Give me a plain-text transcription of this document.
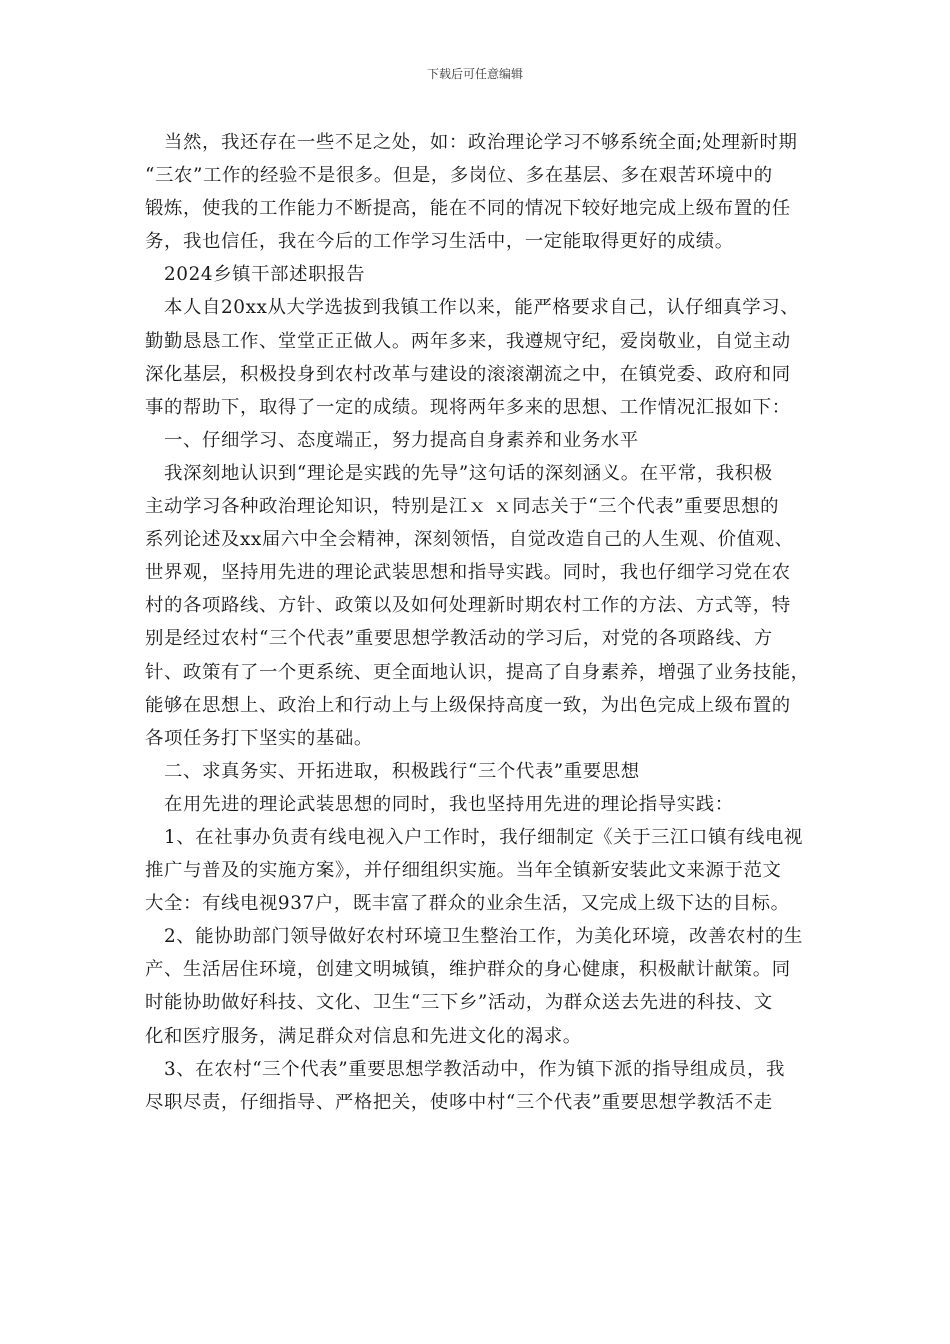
下载后可任意编辑
　当然，我还存在一些不足之处，如：政治理论学习不够系统全面;处理新时期
“三农”工作的经验不是很多。但是，多岗位、多在基层、多在艰苦环境中的
锻炼，使我的工作能力不断提高，能在不同的情况下较好地完成上级布置的任
务，我也信任，我在今后的工作学习生活中，一定能取得更好的成绩。
　2024乡镇干部述职报告
　本人自20xx从大学选拔到我镇工作以来，能严格要求自己，认仔细真学习、
勤勤恳恳工作、堂堂正正做人。两年多来，我遵规守纪，爱岗敬业，自觉主动
深化基层，积极投身到农村改革与建设的滚滚潮流之中，在镇党委、政府和同
事的帮助下，取得了一定的成绩。现将两年多来的思想、工作情况汇报如下：
　一、仔细学习、态度端正，努力提高自身素养和业务水平
　我深刻地认识到“理论是实践的先导”这句话的深刻涵义。在平常，我积极
主动学习各种政治理论知识，特别是江ｘ ｘ同志关于“三个代表”重要思想的
系列论述及xx届六中全会精神，深刻领悟，自觉改造自己的人生观、价值观、
世界观，坚持用先进的理论武装思想和指导实践。同时，我也仔细学习党在农
村的各项路线、方针、政策以及如何处理新时期农村工作的方法、方式等，特
别是经过农村“三个代表”重要思想学教活动的学习后，对党的各项路线、方
针、政策有了一个更系统、更全面地认识，提高了自身素养，增强了业务技能，
能够在思想上、政治上和行动上与上级保持高度一致，为出色完成上级布置的
各项任务打下坚实的基础。
　二、求真务实、开拓进取，积极践行“三个代表”重要思想
　在用先进的理论武装思想的同时，我也坚持用先进的理论指导实践：
　1、在社事办负责有线电视入户工作时，我仔细制定《关于三江口镇有线电视
推广与普及的实施方案》，并仔细组织实施。当年全镇新安装此文来源于范文
大全：有线电视937户，既丰富了群众的业余生活，又完成上级下达的目标。
　2、能协助部门领导做好农村环境卫生整治工作，为美化环境，改善农村的生
产、生活居住环境，创建文明城镇，维护群众的身心健康，积极献计献策。同
时能协助做好科技、文化、卫生“三下乡”活动，为群众送去先进的科技、文
化和医疗服务，满足群众对信息和先进文化的渴求。
　3、在农村“三个代表”重要思想学教活动中，作为镇下派的指导组成员，我
尽职尽责，仔细指导、严格把关，使哆中村“三个代表”重要思想学教活不走
